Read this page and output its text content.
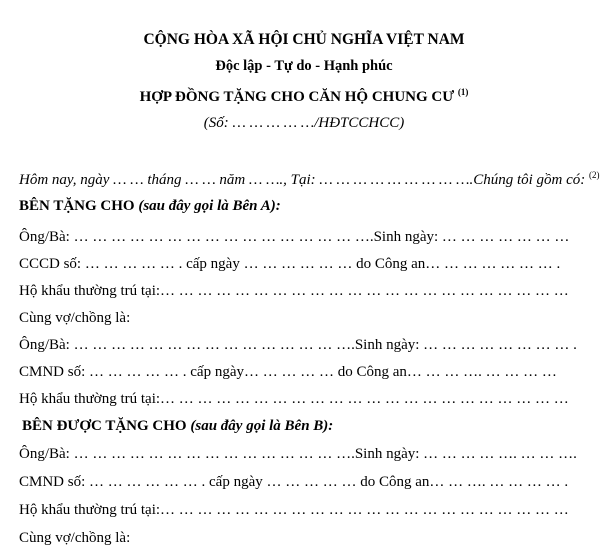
CỘNG HÒA XÃ HỘI CHỦ NGHĨA VIỆT NAM
Độc lập - Tự do - Hạnh phúc
HỢP ĐỒNG TẶNG CHO CĂN HỘ CHUNG CƯ $^{(1)}$
(Số: … … … … …/HĐTCCHCC)
Hôm nay, ngày … … tháng … … năm … …., Tại: … … … … … … … … ….Chúng tôi gồm có: $^{(2)}$
BÊN TẶNG CHO (sau đây gọi là Bên A):
Ông/Bà: … … … … … … … … … … … … … … … ….Sinh ngày: … … … … … … …
CCCD số: … … … … … . cấp ngày … … … … … … do Công an… … … … … … … .
Hộ khẩu thường trú tại:… … … … … … … … … … … … … … … … … … … … … …
Cùng vợ/chồng là:
Ông/Bà: … … … … … … … … … … … … … … ….Sinh ngày: … … … … … … … … .
CMND số: … … … … … . cấp ngày… … … … … do Công an… … … …. … … … …
Hộ khẩu thường trú tại:… … … … … … … … … … … … … … … … … … … … … …
BÊN ĐƯỢC TẶNG CHO (sau đây gọi là Bên B):
Ông/Bà: … … … … … … … … … … … … … … ….Sinh ngày: … … … … …. … … ….
CMND số: … … … … … … . cấp ngày … … … … … do Công an… … …. … … … … .
Hộ khẩu thường trú tại:… … … … … … … … … … … … … … … … … … … … … …
Cùng vợ/chồng là:
